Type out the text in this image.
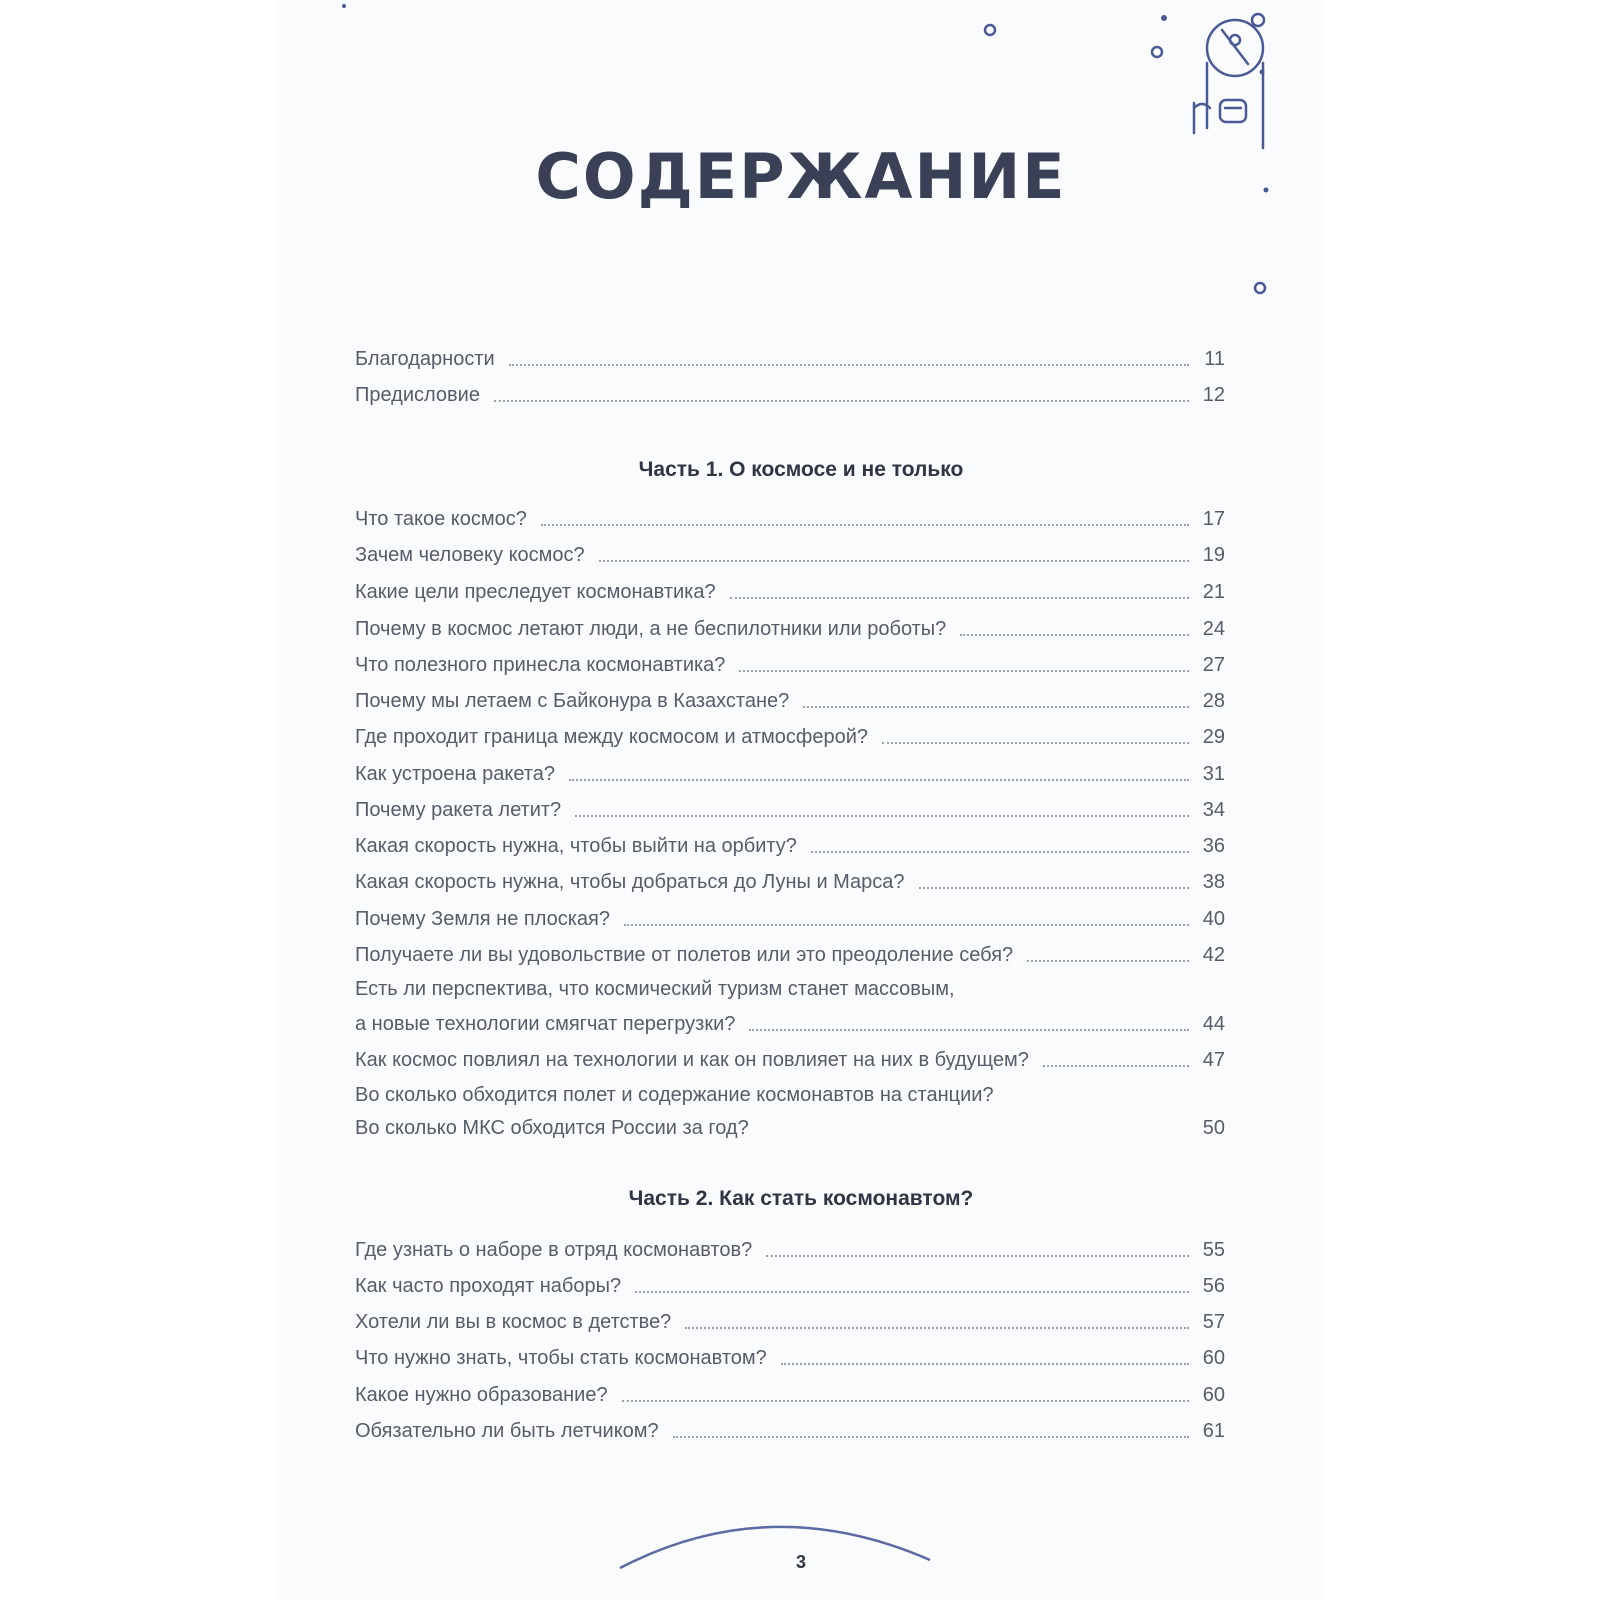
СОДЕРЖАНИЕ
Благодарности	11
Предисловие	12
Часть 1. О космосе и не только
Что такое космос?	17
Зачем человеку космос?	19
Какие цели преследует космонавтика?	21
Почему в космос летают люди, а не беспилотники или роботы?	24
Что полезного принесла космонавтика?	27
Почему мы летаем с Байконура в Казахстане?	28
Где проходит граница между космосом и атмосферой?	29
Как устроена ракета?	31
Почему ракета летит?	34
Какая скорость нужна, чтобы выйти на орбиту?	36
Какая скорость нужна, чтобы добраться до Луны и Марса?	38
Почему Земля не плоская?	40
Получаете ли вы удовольствие от полетов или это преодоление себя?	42
Есть ли перспектива, что космический туризм станет массовым,
а новые технологии смягчат перегрузки?	44
Как космос повлиял на технологии и как он повлияет на них в будущем?	47
Во сколько обходится полет и содержание космонавтов на станции?
Во сколько МКС обходится России за год?	50
Часть 2. Как стать космонавтом?
Где узнать о наборе в отряд космонавтов?	55
Как часто проходят наборы?	56
Хотели ли вы в космос в детстве?	57
Что нужно знать, чтобы стать космонавтом?	60
Какое нужно образование?	60
Обязательно ли быть летчиком?	61
3
